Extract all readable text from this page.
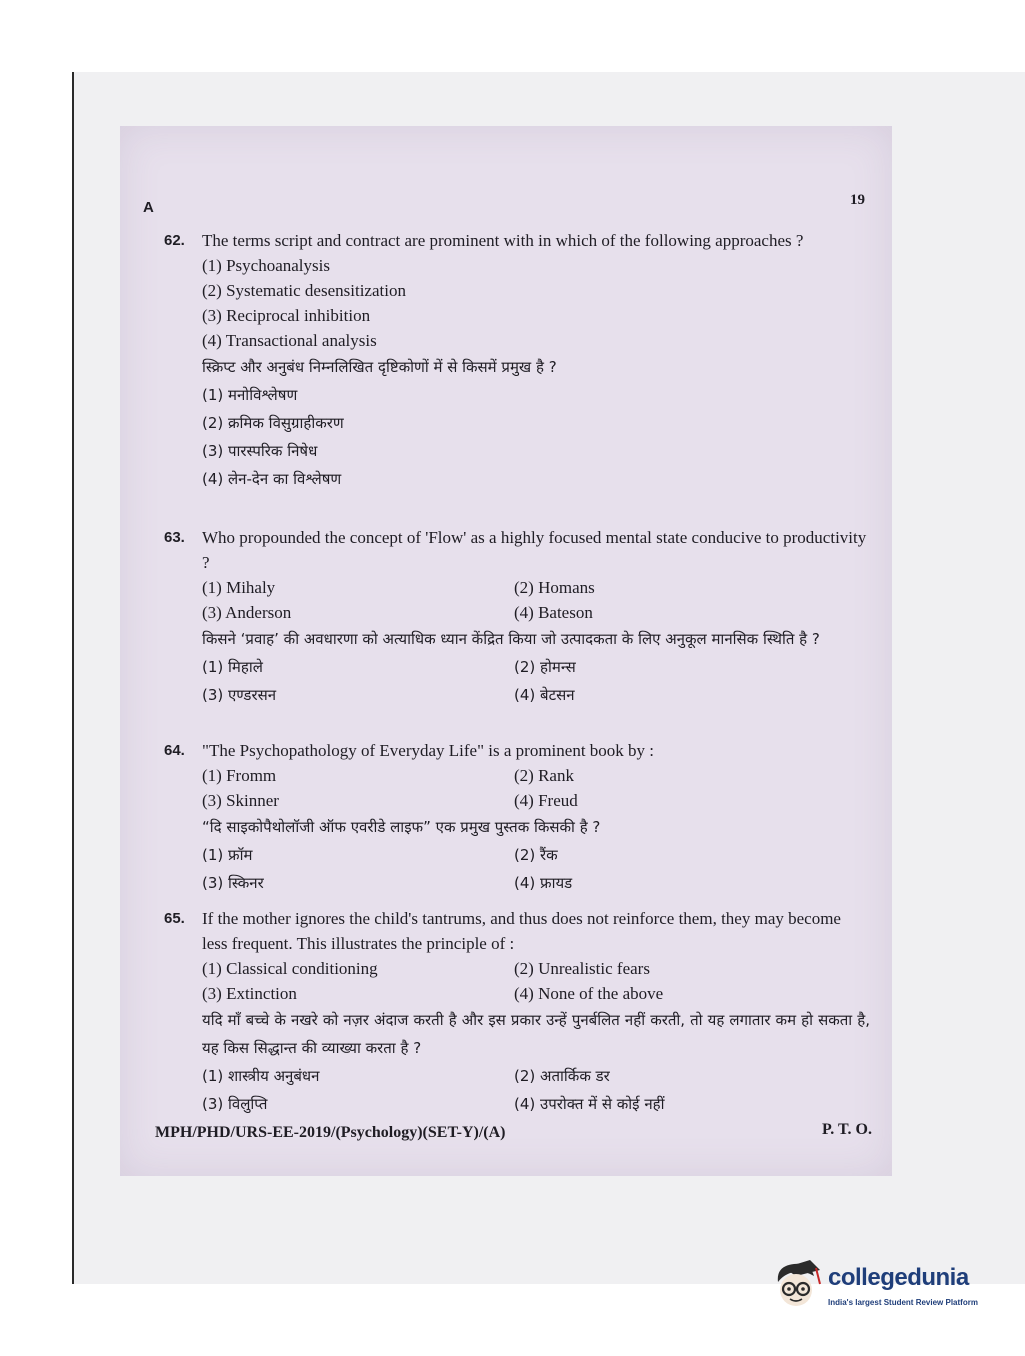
A	19
62. The terms script and contract are prominent with in which of the following approaches ?
(1) Psychoanalysis
(2) Systematic desensitization
(3) Reciprocal inhibition
(4) Transactional analysis
स्क्रिप्ट और अनुबंध निम्नलिखित दृष्टिकोणों में से किसमें प्रमुख है ?
(1) मनोविश्लेषण
(2) क्रमिक विसुग्राहीकरण
(3) पारस्परिक निषेध
(4) लेन-देन का विश्लेषण
63. Who propounded the concept of 'Flow' as a highly focused mental state conducive to productivity ?
(1) Mihaly	(2) Homans
(3) Anderson	(4) Bateson
किसने ‘प्रवाह’ की अवधारणा को अत्याधिक ध्यान केंद्रित किया जो उत्पादकता के लिए अनुकूल मानसिक स्थिति है ?
(1) मिहाले	(2) होमन्स
(3) एण्डरसन	(4) बेटसन
64. "The Psychopathology of Everyday Life" is a prominent book by :
(1) Fromm	(2) Rank
(3) Skinner	(4) Freud
“दि साइकोपैथोलॉजी ऑफ एवरीडे लाइफ” एक प्रमुख पुस्तक किसकी है ?
(1) फ्रॉम	(2) रैंक
(3) स्किनर	(4) फ्रायड
65. If the mother ignores the child's tantrums, and thus does not reinforce them, they may become less frequent. This illustrates the principle of :
(1) Classical conditioning	(2) Unrealistic fears
(3) Extinction	(4) None of the above
यदि माँ बच्चे के नखरे को नज़र अंदाज करती है और इस प्रकार उन्हें पुनर्बलित नहीं करती, तो यह लगातार कम हो सकता है, यह किस सिद्धान्त की व्याख्या करता है ?
(1) शास्त्रीय अनुबंधन	(2) अतार्किक डर
(3) विलुप्ति	(4) उपरोक्त में से कोई नहीं
MPH/PHD/URS-EE-2019/(Psychology)(SET-Y)/(A)	P. T. O.
collegedunia
India's largest Student Review Platform
